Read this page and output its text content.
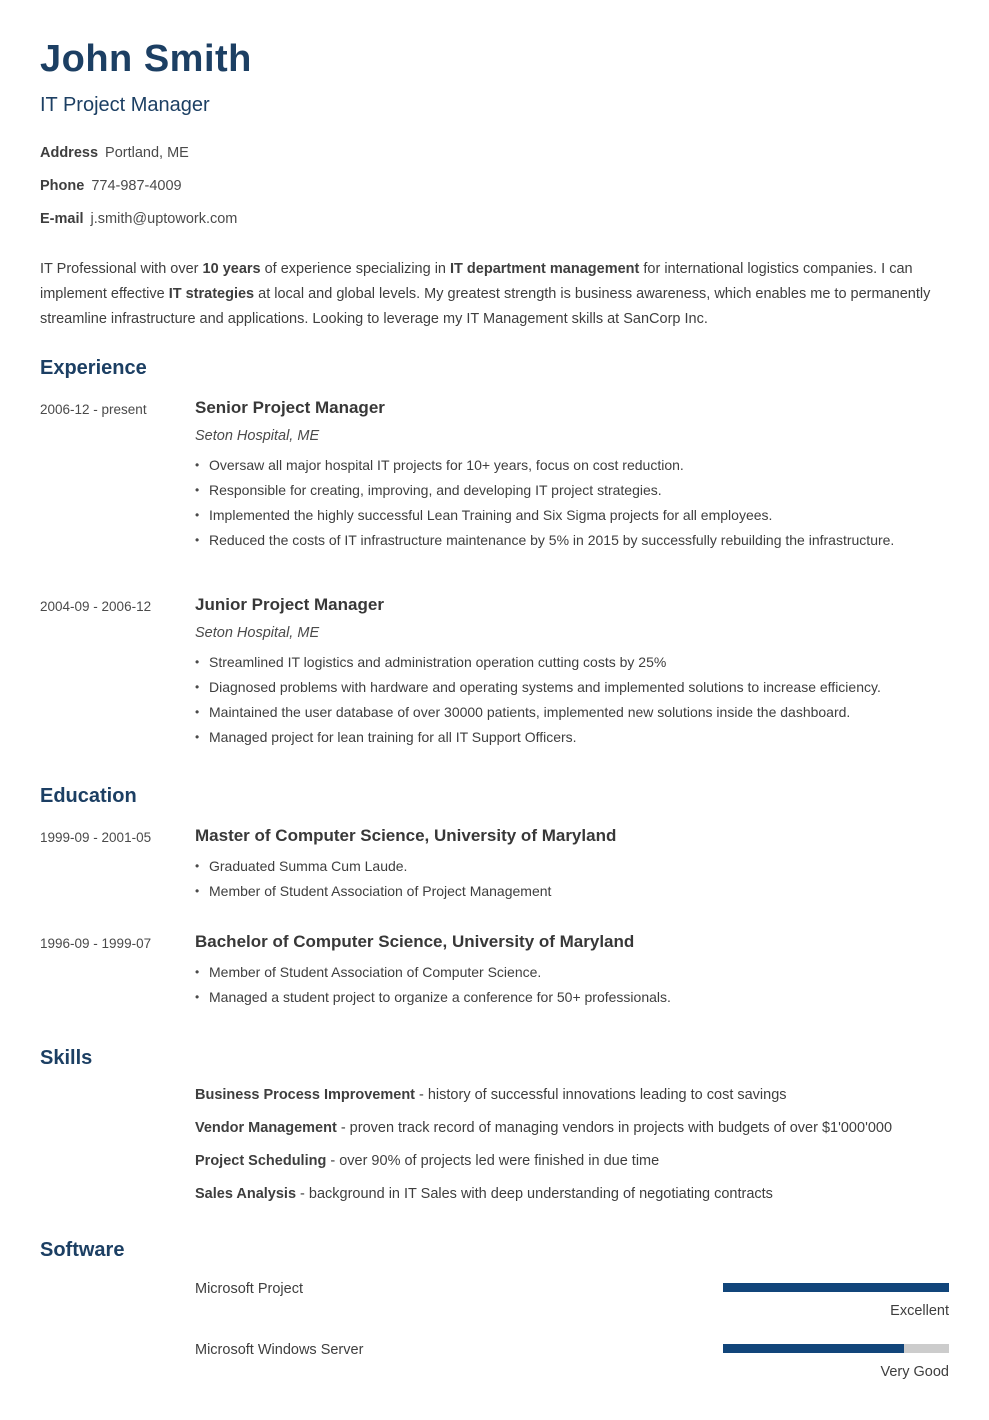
John Smith
IT Project Manager
Address Portland, ME
Phone 774-987-4009
E-mail j.smith@uptowork.com

IT Professional with over 10 years of experience specializing in IT department management for international logistics companies. I can implement effective IT strategies at local and global levels. My greatest strength is business awareness, which enables me to permanently streamline infrastructure and applications. Looking to leverage my IT Management skills at SanCorp Inc.

Experience
2006-12 - present	Senior Project Manager
Seton Hospital, ME
• Oversaw all major hospital IT projects for 10+ years, focus on cost reduction.
• Responsible for creating, improving, and developing IT project strategies.
• Implemented the highly successful Lean Training and Six Sigma projects for all employees.
• Reduced the costs of IT infrastructure maintenance by 5% in 2015 by successfully rebuilding the infrastructure.
2004-09 - 2006-12	Junior Project Manager
Seton Hospital, ME
• Streamlined IT logistics and administration operation cutting costs by 25%
• Diagnosed problems with hardware and operating systems and implemented solutions to increase efficiency.
• Maintained the user database of over 30000 patients, implemented new solutions inside the dashboard.
• Managed project for lean training for all IT Support Officers.
Education
1999-09 - 2001-05	Master of Computer Science, University of Maryland
• Graduated Summa Cum Laude.
• Member of Student Association of Project Management
1996-09 - 1999-07	Bachelor of Computer Science, University of Maryland
• Member of Student Association of Computer Science.
• Managed a student project to organize a conference for 50+ professionals.
Skills
Business Process Improvement - history of successful innovations leading to cost savings
Vendor Management - proven track record of managing vendors in projects with budgets of over $1'000'000
Project Scheduling - over 90% of projects led were finished in due time
Sales Analysis - background in IT Sales with deep understanding of negotiating contracts
Software
Microsoft Project
Excellent
Microsoft Windows Server
Very Good
